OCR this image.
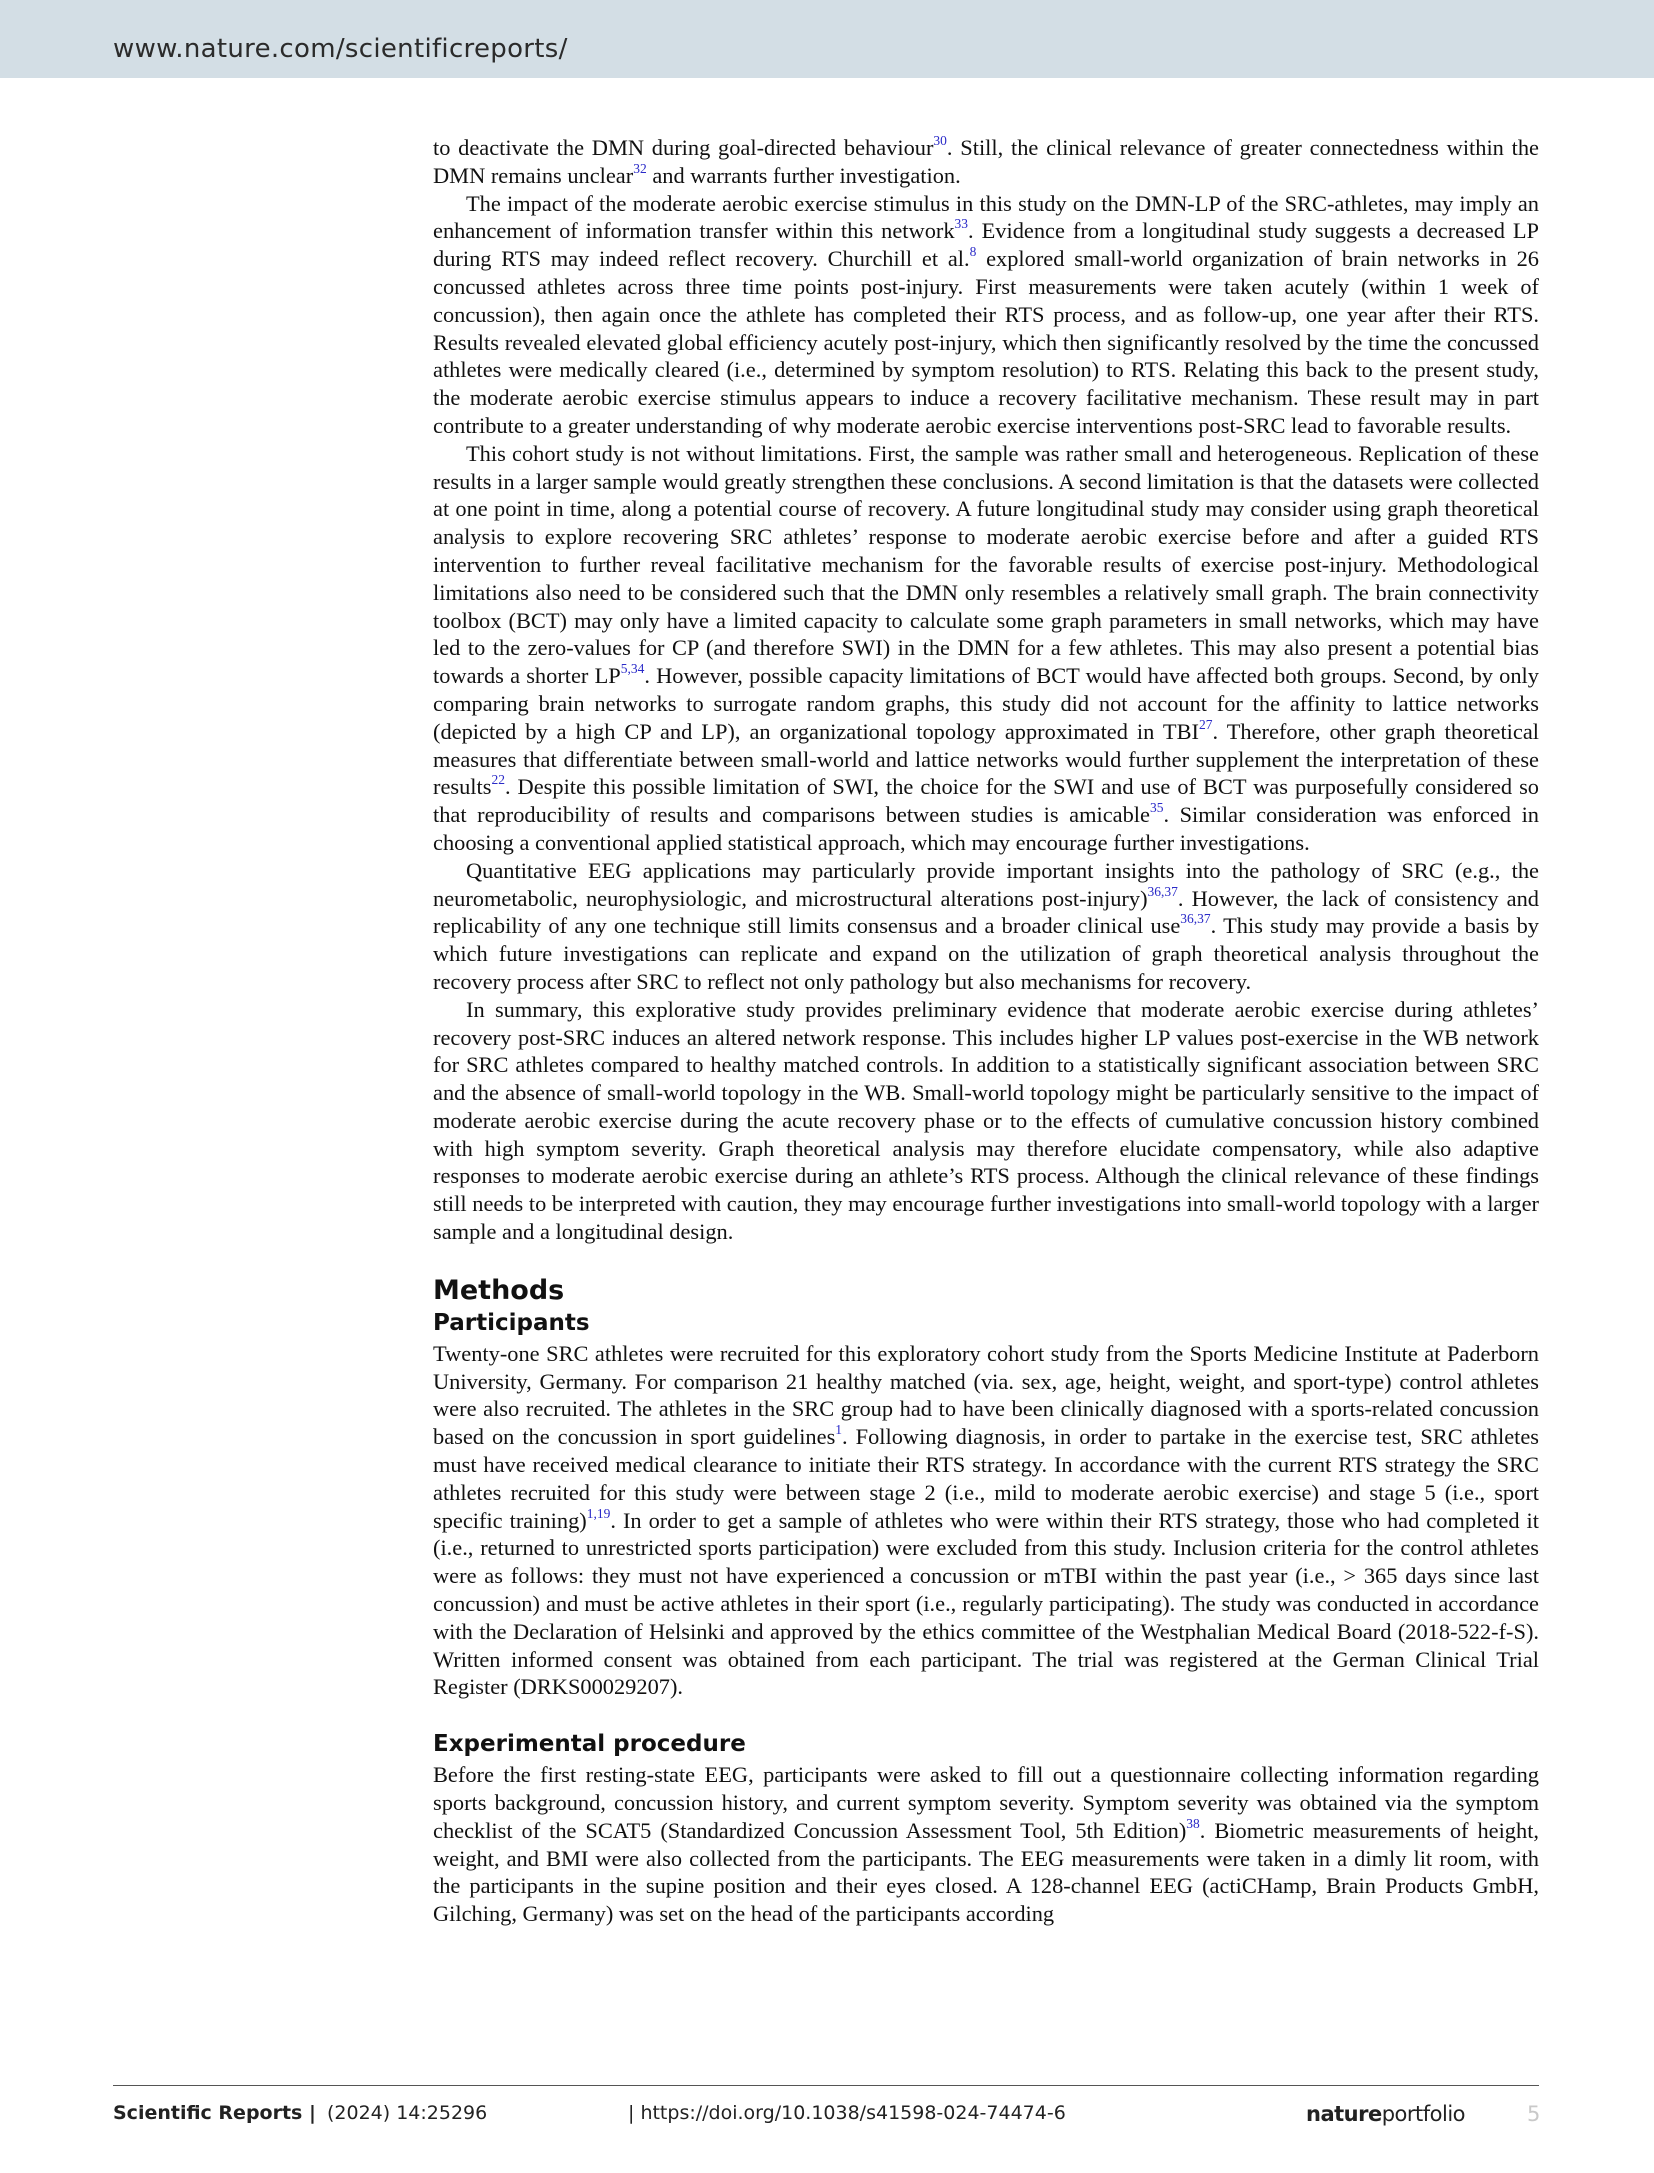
www.nature.com/scientificreports/

to deactivate the DMN during goal-directed behaviour$^{30}$. Still, the clinical relevance of greater connectedness within the DMN remains unclear$^{32}$ and warrants further investigation.

The impact of the moderate aerobic exercise stimulus in this study on the DMN-LP of the SRC-athletes, may imply an enhancement of information transfer within this network$^{33}$. Evidence from a longitudinal study suggests a decreased LP during RTS may indeed reflect recovery. Churchill et al.$^8$ explored small-world organization of brain networks in 26 concussed athletes across three time points post-injury. First measurements were taken acutely (within 1 week of concussion), then again once the athlete has completed their RTS process, and as follow-up, one year after their RTS. Results revealed elevated global efficiency acutely post-injury, which then significantly resolved by the time the concussed athletes were medically cleared (i.e., determined by symptom resolution) to RTS. Relating this back to the present study, the moderate aerobic exercise stimulus appears to induce a recovery facilitative mechanism. These result may in part contribute to a greater understanding of why moderate aerobic exercise interventions post-SRC lead to favorable results.

This cohort study is not without limitations. First, the sample was rather small and heterogeneous. Replication of these results in a larger sample would greatly strengthen these conclusions. A second limitation is that the datasets were collected at one point in time, along a potential course of recovery. A future longitudinal study may consider using graph theoretical analysis to explore recovering SRC athletes’ response to moderate aerobic exercise before and after a guided RTS intervention to further reveal facilitative mechanism for the favorable results of exercise post-injury. Methodological limitations also need to be considered such that the DMN only resembles a relatively small graph. The brain connectivity toolbox (BCT) may only have a limited capacity to calculate some graph parameters in small networks, which may have led to the zero-values for CP (and therefore SWI) in the DMN for a few athletes. This may also present a potential bias towards a shorter LP$^{5,34}$. However, possible capacity limitations of BCT would have affected both groups. Second, by only comparing brain networks to surrogate random graphs, this study did not account for the affinity to lattice networks (depicted by a high CP and LP), an organizational topology approximated in TBI$^{27}$. Therefore, other graph theoretical measures that differentiate between small-world and lattice networks would further supplement the interpretation of these results$^{22}$. Despite this possible limitation of SWI, the choice for the SWI and use of BCT was purposefully considered so that reproducibility of results and comparisons between studies is amicable$^{35}$. Similar consideration was enforced in choosing a conventional applied statistical approach, which may encourage further investigations.

Quantitative EEG applications may particularly provide important insights into the pathology of SRC (e.g., the neurometabolic, neurophysiologic, and microstructural alterations post-injury)$^{36,37}$. However, the lack of consistency and replicability of any one technique still limits consensus and a broader clinical use$^{36,37}$. This study may provide a basis by which future investigations can replicate and expand on the utilization of graph theoretical analysis throughout the recovery process after SRC to reflect not only pathology but also mechanisms for recovery.

In summary, this explorative study provides preliminary evidence that moderate aerobic exercise during athletes’ recovery post-SRC induces an altered network response. This includes higher LP values post-exercise in the WB network for SRC athletes compared to healthy matched controls. In addition to a statistically significant association between SRC and the absence of small-world topology in the WB. Small-world topology might be particularly sensitive to the impact of moderate aerobic exercise during the acute recovery phase or to the effects of cumulative concussion history combined with high symptom severity. Graph theoretical analysis may therefore elucidate compensatory, while also adaptive responses to moderate aerobic exercise during an athlete’s RTS process. Although the clinical relevance of these findings still needs to be interpreted with caution, they may encourage further investigations into small-world topology with a larger sample and a longitudinal design.

Methods
Participants

Twenty-one SRC athletes were recruited for this exploratory cohort study from the Sports Medicine Institute at Paderborn University, Germany. For comparison 21 healthy matched (via. sex, age, height, weight, and sport-type) control athletes were also recruited. The athletes in the SRC group had to have been clinically diagnosed with a sports-related concussion based on the concussion in sport guidelines$^1$. Following diagnosis, in order to partake in the exercise test, SRC athletes must have received medical clearance to initiate their RTS strategy. In accordance with the current RTS strategy the SRC athletes recruited for this study were between stage 2 (i.e., mild to moderate aerobic exercise) and stage 5 (i.e., sport specific training)$^{1,19}$. In order to get a sample of athletes who were within their RTS strategy, those who had completed it (i.e., returned to unrestricted sports participation) were excluded from this study. Inclusion criteria for the control athletes were as follows: they must not have experienced a concussion or mTBI within the past year (i.e., > 365 days since last concussion) and must be active athletes in their sport (i.e., regularly participating). The study was conducted in accordance with the Declaration of Helsinki and approved by the ethics committee of the Westphalian Medical Board (2018-522-f-S). Written informed consent was obtained from each participant. The trial was registered at the German Clinical Trial Register (DRKS00029207).

Experimental procedure

Before the first resting-state EEG, participants were asked to fill out a questionnaire collecting information regarding sports background, concussion history, and current symptom severity. Symptom severity was obtained via the symptom checklist of the SCAT5 (Standardized Concussion Assessment Tool, 5th Edition)$^{38}$. Biometric measurements of height, weight, and BMI were also collected from the participants. The EEG measurements were taken in a dimly lit room, with the participants in the supine position and their eyes closed. A 128-channel EEG (actiCHamp, Brain Products GmbH, Gilching, Germany) was set on the head of the participants according

Scientific Reports | (2024) 14:25296	| https://doi.org/10.1038/s41598-024-74474-6	natureportfolio	5
